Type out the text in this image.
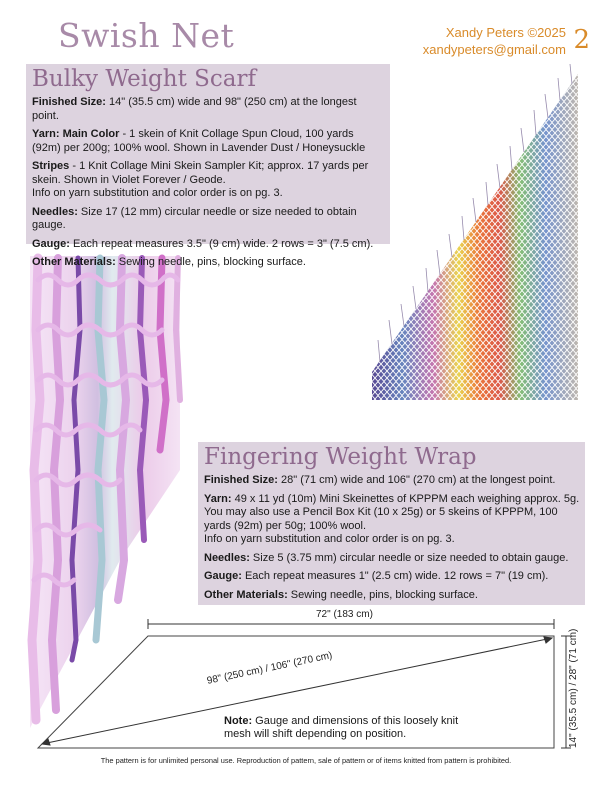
Swish Net	Xandy Peters ©2025
xandypeters@gmail.com 2
Bulky Weight Scarf

Finished Size: 14" (35.5 cm) wide and 98" (250 cm) at the longest point.

Yarn: Main Color - 1 skein of Knit Collage Spun Cloud, 100 yards (92m) per 200g; 100% wool. Shown in Lavender Dust / Honeysuckle

Stripes - 1 Knit Collage Mini Skein Sampler Kit; approx. 17 yards per skein. Shown in Violet Forever / Geode.

Info on yarn substitution and color order is on pg. 3.

Needles: Size 17 (12 mm) circular needle or size needed to obtain gauge.

Gauge: Each repeat measures 3.5" (9 cm) wide. 2 rows = 3" (7.5 cm).

Other Materials: Sewing needle, pins, blocking surface.

Fingering Weight Wrap

Finished Size: 28" (71 cm) wide and 106" (270 cm) at the longest point.

Yarn: 49 x 11 yd (10m) Mini Skeinettes of KPPPM each weighing approx. 5g. You may also use a Pencil Box Kit (10 x 25g) or 5 skeins of KPPPM, 100 yards (92m) per 50g; 100% wool.

Info on yarn substitution and color order is on pg. 3.

Needles: Size 5 (3.75 mm) circular needle or size needed to obtain gauge.

Gauge: Each repeat measures 1" (2.5 cm) wide. 12 rows = 7" (19 cm).

Other Materials: Sewing needle, pins, blocking surface.

72" (183 cm)
98" (250 cm) / 106" (270 cm)	14" (35.5 cm) / 28" (71 cm)
Note: Gauge and dimensions of this loosely knit mesh will shift depending on position.
The pattern is for unlimited personal use. Reproduction of pattern, sale of pattern or of items knitted from pattern is prohibited.
